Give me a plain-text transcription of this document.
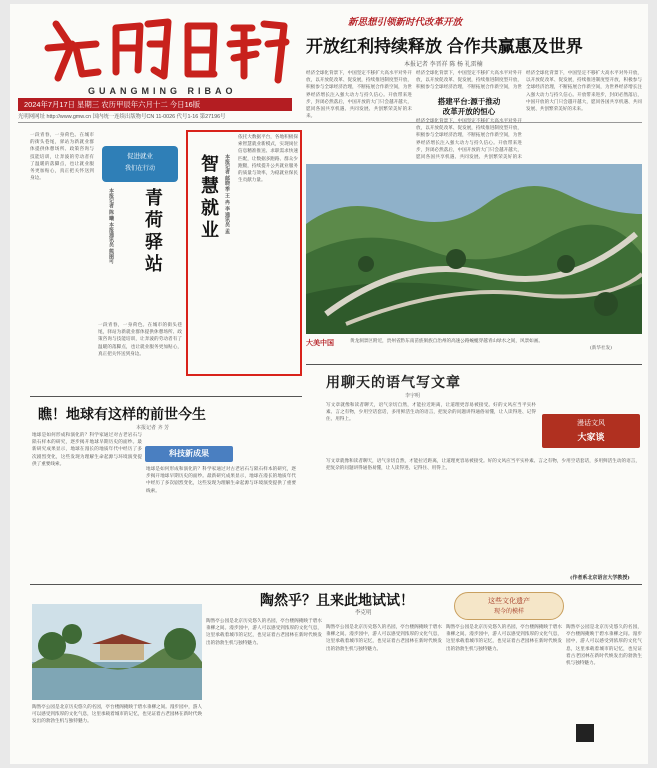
GUANGMING RIBAO
2024年7月17日 星期三 农历甲辰年六月十二 今日16版
光明网网址 http://www.gmw.cn 国内统一连续出版物号CN 11-0026 代号1-16 第27196号
新思想引领新时代改革开放
开放红利持续释放 合作共赢惠及世界
本报记者 李晋祥 陈 杨 礼雷楠
经济全球化背景下，中国坚定不移扩大高水平对外开放，以开放促改革、促发展，持续推进制度型开放，积极参与全球经济治理，不断拓展合作新空间，为世界经济增长注入强大动力与持久信心。开放带来进步，封闭必然落后，中国开放的大门只会越开越大，愿同各国共享机遇、共同发展、共创繁荣美好的未来。
经济全球化背景下，中国坚定不移扩大高水平对外开放，以开放促改革、促发展，持续推进制度型开放，积极参与全球经济治理，不断拓展合作新空间，为世
搭建平台:源于推动
改革开放的恒心
经济全球化背景下，中国坚定不移扩大高水平对外开放，以开放促改革、促发展，持续推进制度型开放，积极参与全球经济治理，不断拓展合作新空间，为世界经济增长注入强大动力与持久信心。开放带来进步，封闭必然落后，中国开放的大门只会越开越大，愿同各国共享机遇、共同发展、共创繁荣美好的未
经济全球化背景下，中国坚定不移扩大高水平对外开放，以开放促改革、促发展，持续推进制度型开放，积极参与全球经济治理，不断拓展合作新空间，为世界经济增长注入强大动力与持久信心。开放带来进步，封闭必然落后，中国开放的大门只会越开越大，愿同各国共享机遇、共同发展、共创繁荣美好的未来。
大美中国	黄龙洞景区附近，贵州省黔东南苗族侗族自治州的高速公路蜿蜒穿越青山绿水之间，风景如画。
(新华社发)
一段青春，一身荷色。在城市的街头巷尾，驿站为新就业群体提供休憩场所、政策咨询与技能培训，让奔波的劳动者有了温暖的落脚点，也让就业服务更加贴心，真正把关怀送到身边。
促进就业
我们在行动
青荷驿站
本报记者 陈 曦 本报通讯员 熊丽可
一段青春，一身荷色。在城市的街头巷尾，驿站为新就业群体提供休憩场所、政策咨询与技能培训，让奔波的劳动者有了温暖的落脚点，也让就业服务更加贴心，真正把关怀送到身边。
智慧就业	本报记者 邮晓 季 王 冉 李 通讯员 孟
依托大数据平台，各地积极探索智慧就业新模式，实现岗位信息精准推送、求职需求快速匹配，让数据多跑路、群众少跑腿，持续提升公共就业服务的质量与效率，为稳就业保民生贡献力量。
瞧！地球有这样的前世今生
本报记者 齐 芳
科技新成果
地球是如何形成和演化的？科学家通过对古老岩石与陨石样本的研究，逐步揭开地球早期历史的面纱。最新研究成果显示，地球在漫长的地质年代中经历了多次剧烈变化，这些发现为理解生命起源与环境演变提供了重要线索。
地球是如何形成和演化的？科学家通过对古老岩石与陨石样本的研究，逐步揭开地球早期历史的面纱。最新研究成果显示，地球在漫长的地质年代中经历了多次剧烈变化，这些发现为理解生命起源与环境演变提供了重要线索。
用聊天的语气写文章
李宇明
写文章就像和读者聊天，语气亲切自然，才能拉近距离，让道理更容易被接受。好的文风应当平实朴素、言之有物，少用空话套话，多用鲜活生动的语言，把复杂的问题讲得通俗易懂，让人读得进、记得住、用得上。
漫话文风
大家谈
写文章就像和读者聊天，语气亲切自然，才能拉近距离，让道理更容易被接受。好的文风应当平实朴素、言之有物，少用空话套话，多用鲜活生动的语言，把复杂的问题讲得通俗易懂，让人读得进、记得住、用得上。
(作者系北京语言大学教授)
陶然乎？且来此地试试！
李克明
这些文化遗产
现今的模样
陶然亭公园是北京历史悠久的名园，亭台楼阁掩映于碧水垂柳之间。漫步园中，游人可以感受到浓厚的文化气息，这里承载着城市的记忆，也见证着古老园林在新时代焕发出的勃勃生机与独特魅力。
陶然亭公园是北京历史悠久的名园，亭台楼阁掩映于碧水垂柳之间。漫步园中，游人可以感受到浓厚的文化气息，这里承载着城市的记忆，也见证着古老园林在新时代焕发出的勃勃生机与独特魅力。
陶然亭公园是北京历史悠久的名园，亭台楼阁掩映于碧水垂柳之间。漫步园中，游人可以感受到浓厚的文化气息，这里承载着城市的记忆，也见证着古老园林在新时代焕发出的勃勃生机与独特魅力。
陶然亭公园是北京历史悠久的名园，亭台楼阁掩映于碧水垂柳之间。漫步园中，游人可以感受到浓厚的文化气息，这里承载着城市的记忆，也见证着古老园林在新时代焕发出的勃勃生机与独特魅力。
陶然亭公园是北京历史悠久的名园，亭台楼阁掩映于碧水垂柳之间。漫步园中，游人可以感受到浓厚的文化气息，这里承载着城市的记忆，也见证着古老园林在新时代焕发出的勃勃生机与独特魅力。
